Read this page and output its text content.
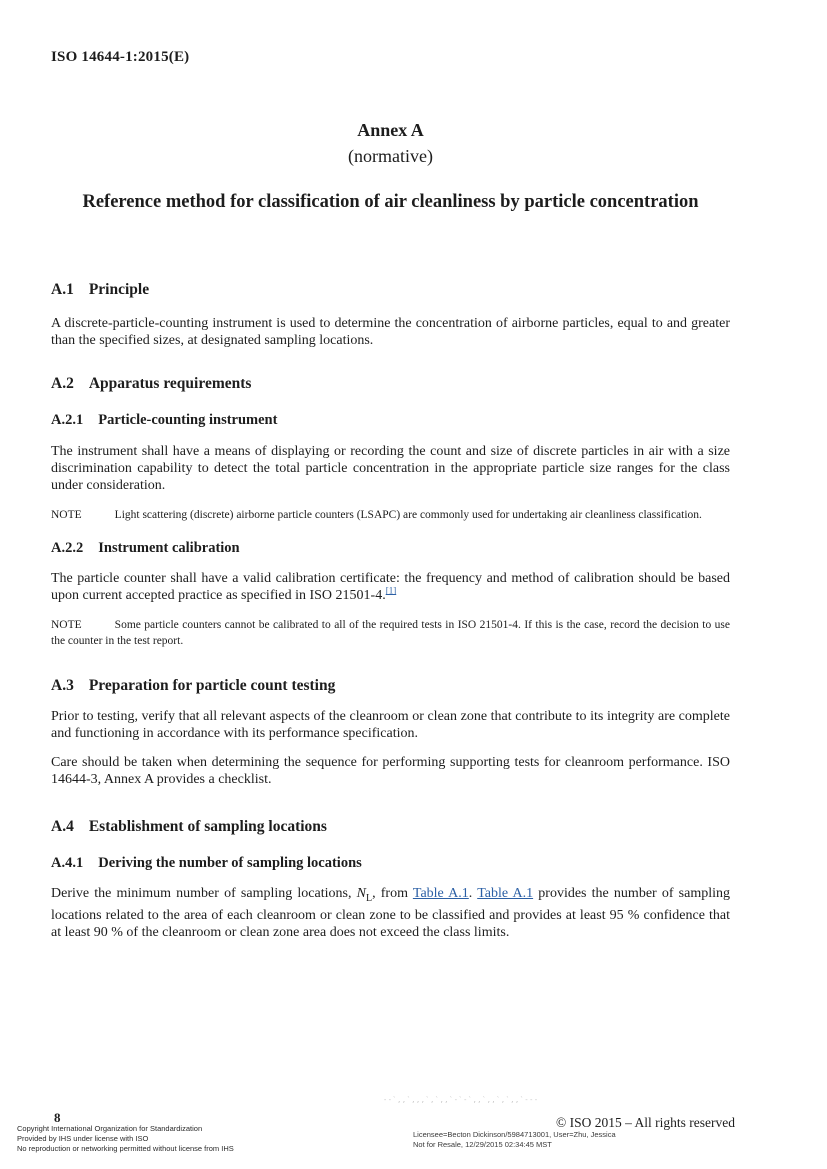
ISO 14644-1:2015(E)

Annex A
(normative)
Reference method for classification of air cleanliness by particle concentration
A.1 Principle

A discrete-particle-counting instrument is used to determine the concentration of airborne particles, equal to and greater than the specified sizes, at designated sampling locations.

A.2 Apparatus requirements
A.2.1 Particle-counting instrument

The instrument shall have a means of displaying or recording the count and size of discrete particles in air with a size discrimination capability to detect the total particle concentration in the appropriate particle size ranges for the class under consideration.

NOTE	Light scattering (discrete) airborne particle counters (LSAPC) are commonly used for undertaking air cleanliness classification.

A.2.2 Instrument calibration

The particle counter shall have a valid calibration certificate: the frequency and method of calibration should be based upon current accepted practice as specified in ISO 21501-4.[1]

NOTE	Some particle counters cannot be calibrated to all of the required tests in ISO 21501-4. If this is the case, record the decision to use the counter in the test report.

A.3 Preparation for particle count testing

Prior to testing, verify that all relevant aspects of the cleanroom or clean zone that contribute to its integrity are complete and functioning in accordance with its performance specification.

Care should be taken when determining the sequence for performing supporting tests for cleanroom performance. ISO 14644-3, Annex A provides a checklist.

A.4 Establishment of sampling locations
A.4.1 Deriving the number of sampling locations

Derive the minimum number of sampling locations, $N_L$, from Table A.1. Table A.1 provides the number of sampling locations related to the area of each cleanroom or clean zone to be classified and provides at least 95 % confidence that at least 90 % of the cleanroom or clean zone area does not exceed the class limits.

--`,,`,,,`,`,,`-`-`,,`,,`,`,,`---
8	© ISO 2015 – All rights reserved
Copyright International Organization for Standardization
Provided by IHS under license with ISO
No reproduction or networking permitted without license from IHS
Licensee=Becton Dickinson/5984713001, User=Zhu, Jessica
Not for Resale, 12/29/2015 02:34:45 MST
